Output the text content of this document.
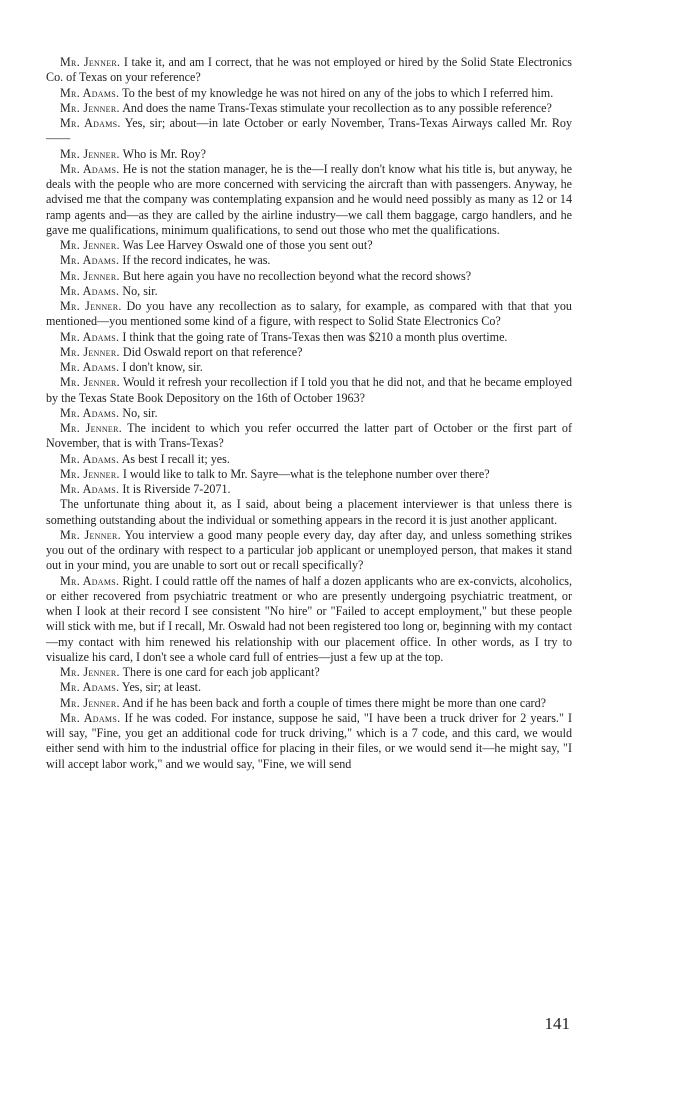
Mr. Jenner. I take it, and am I correct, that he was not employed or hired by the Solid State Electronics Co. of Texas on your reference?

Mr. Adams. To the best of my knowledge he was not hired on any of the jobs to which I referred him.

Mr. Jenner. And does the name Trans-Texas stimulate your recollection as to any possible reference?

Mr. Adams. Yes, sir; about—in late October or early November, Trans-Texas Airways called Mr. Roy——

Mr. Jenner. Who is Mr. Roy?

Mr. Adams. He is not the station manager, he is the—I really don't know what his title is, but anyway, he deals with the people who are more concerned with servicing the aircraft than with passengers. Anyway, he advised me that the company was contemplating expansion and he would need possibly as many as 12 or 14 ramp agents and—as they are called by the airline industry—we call them baggage, cargo handlers, and he gave me qualifications, minimum qualifications, to send out those who met the qualifications.

Mr. Jenner. Was Lee Harvey Oswald one of those you sent out?

Mr. Adams. If the record indicates, he was.

Mr. Jenner. But here again you have no recollection beyond what the record shows?

Mr. Adams. No, sir.

Mr. Jenner. Do you have any recollection as to salary, for example, as compared with that that you mentioned—you mentioned some kind of a figure, with respect to Solid State Electronics Co?

Mr. Adams. I think that the going rate of Trans-Texas then was $210 a month plus overtime.

Mr. Jenner. Did Oswald report on that reference?

Mr. Adams. I don't know, sir.

Mr. Jenner. Would it refresh your recollection if I told you that he did not, and that he became employed by the Texas State Book Depository on the 16th of October 1963?

Mr. Adams. No, sir.

Mr. Jenner. The incident to which you refer occurred the latter part of October or the first part of November, that is with Trans-Texas?

Mr. Adams. As best I recall it; yes.

Mr. Jenner. I would like to talk to Mr. Sayre—what is the telephone number over there?

Mr. Adams. It is Riverside 7-2071.

The unfortunate thing about it, as I said, about being a placement interviewer is that unless there is something outstanding about the individual or something appears in the record it is just another applicant.

Mr. Jenner. You interview a good many people every day, day after day, and unless something strikes you out of the ordinary with respect to a particular job applicant or unemployed person, that makes it stand out in your mind, you are unable to sort out or recall specifically?

Mr. Adams. Right. I could rattle off the names of half a dozen applicants who are ex-convicts, alcoholics, or either recovered from psychiatric treatment or who are presently undergoing psychiatric treatment, or when I look at their record I see consistent "No hire" or "Failed to accept employment," but these people will stick with me, but if I recall, Mr. Oswald had not been registered too long or, beginning with my contact—my contact with him renewed his relationship with our placement office. In other words, as I try to visualize his card, I don't see a whole card full of entries—just a few up at the top.

Mr. Jenner. There is one card for each job applicant?

Mr. Adams. Yes, sir; at least.

Mr. Jenner. And if he has been back and forth a couple of times there might be more than one card?

Mr. Adams. If he was coded. For instance, suppose he said, "I have been a truck driver for 2 years." I will say, "Fine, you get an additional code for truck driving," which is a 7 code, and this card, we would either send with him to the industrial office for placing in their files, or we would send it—he might say, "I will accept labor work," and we would say, "Fine, we will send

141
